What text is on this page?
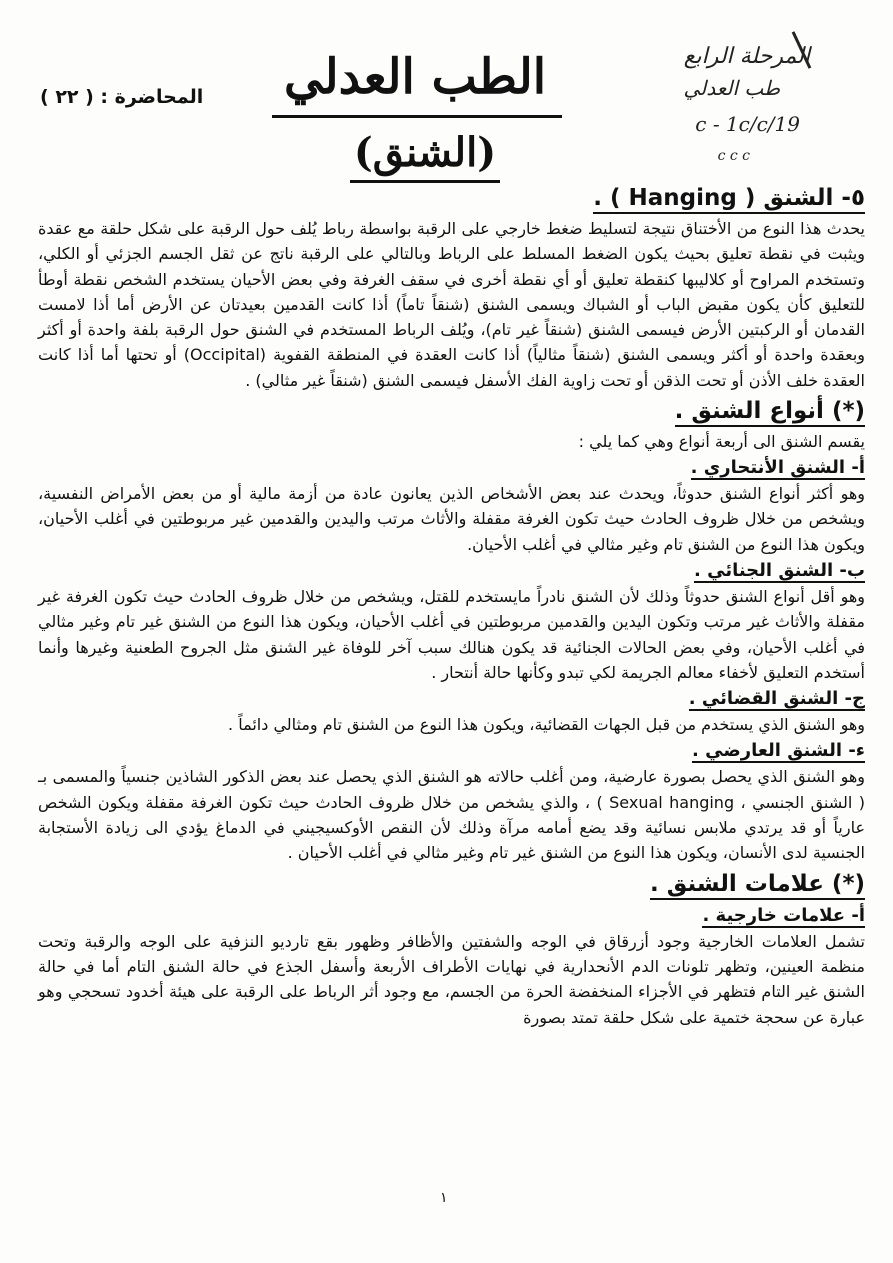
المحاضرة : ( ٢٢ ) الطب العدلي
(الشنق)
المرحلة الرابع
طب العدلي
c - 1c/c/19
c c c
٥- الشنق ( Hanging ) .

يحدث هذا النوع من الأختناق نتيجة لتسليط ضغط خارجي على الرقبة بواسطة رباط يُلف حول الرقبة على شكل حلقة مع عقدة ويثبت في نقطة تعليق بحيث يكون الضغط المسلط على الرباط وبالتالي على الرقبة ناتج عن ثقل الجسم الجزئي أو الكلي، وتستخدم المراوح أو كلاليبها كنقطة تعليق أو أي نقطة أخرى في سقف الغرفة وفي بعض الأحيان يستخدم الشخص نقطة أوطأ للتعليق كأن يكون مقبض الباب أو الشباك ويسمى الشنق (شنقاً تاماً) أذا كانت القدمين بعيدتان عن الأرض أما أذا لامست القدمان أو الركبتين الأرض فيسمى الشنق (شنقاً غير تام)، ويُلف الرباط المستخدم في الشنق حول الرقبة بلفة واحدة أو أكثر وبعقدة واحدة أو أكثر ويسمى الشنق (شنقاً مثالياً) أذا كانت العقدة في المنطقة القفوية (Occipital) أو تحتها أما أذا كانت العقدة خلف الأذن أو تحت الذقن أو تحت زاوية الفك الأسفل فيسمى الشنق (شنقاً غير مثالي) .

(*) أنواع الشنق .

يقسم الشنق الى أربعة أنواع وهي كما يلي :

أ- الشنق الأنتحاري .

وهو أكثر أنواع الشنق حدوثاً، ويحدث عند بعض الأشخاص الذين يعانون عادة من أزمة مالية أو من بعض الأمراض النفسية، ويشخص من خلال ظروف الحادث حيث تكون الغرفة مقفلة والأثاث مرتب واليدين والقدمين غير مربوطتين في أغلب الأحيان، ويكون هذا النوع من الشنق تام وغير مثالي في أغلب الأحيان.

ب- الشنق الجنائي .

وهو أقل أنواع الشنق حدوثاً وذلك لأن الشنق نادراً مايستخدم للقتل، ويشخص من خلال ظروف الحادث حيث تكون الغرفة غير مقفلة والأثاث غير مرتب وتكون اليدين والقدمين مربوطتين في أغلب الأحيان، ويكون هذا النوع من الشنق غير تام وغير مثالي في أغلب الأحيان، وفي بعض الحالات الجنائية قد يكون هنالك سبب آخر للوفاة غير الشنق مثل الجروح الطعنية وغيرها وأنما أستخدم التعليق لأخفاء معالم الجريمة لكي تبدو وكأنها حالة أنتحار .

ج- الشنق القضائي .

وهو الشنق الذي يستخدم من قبل الجهات القضائية، ويكون هذا النوع من الشنق تام ومثالي دائماً .

ء- الشنق العارضي .

وهو الشنق الذي يحصل بصورة عارضية، ومن أغلب حالاته هو الشنق الذي يحصل عند بعض الذكور الشاذين جنسياً والمسمى بـ ( الشنق الجنسي ، Sexual hanging ) ، والذي يشخص من خلال ظروف الحادث حيث تكون الغرفة مقفلة ويكون الشخص عارياً أو قد يرتدي ملابس نسائية وقد يضع أمامه مرآة وذلك لأن النقص الأوكسيجيني في الدماغ يؤدي الى زيادة الأستجابة الجنسية لدى الأنسان، ويكون هذا النوع من الشنق غير تام وغير مثالي في أغلب الأحيان .

(*) علامات الشنق .
أ- علامات خارجية .

تشمل العلامات الخارجية وجود أزرقاق في الوجه والشفتين والأظافر وظهور بقع تارديو النزفية على الوجه والرقبة وتحت منظمة العينين، وتظهر تلونات الدم الأنحدارية في نهايات الأطراف الأربعة وأسفل الجذع في حالة الشنق التام أما في حالة الشنق غير التام فتظهر في الأجزاء المنخفضة الحرة من الجسم، مع وجود أثر الرباط على الرقبة على هيئة أخدود تسحجي وهو عبارة عن سحجة ختمية على شكل حلقة تمتد بصورة

١
